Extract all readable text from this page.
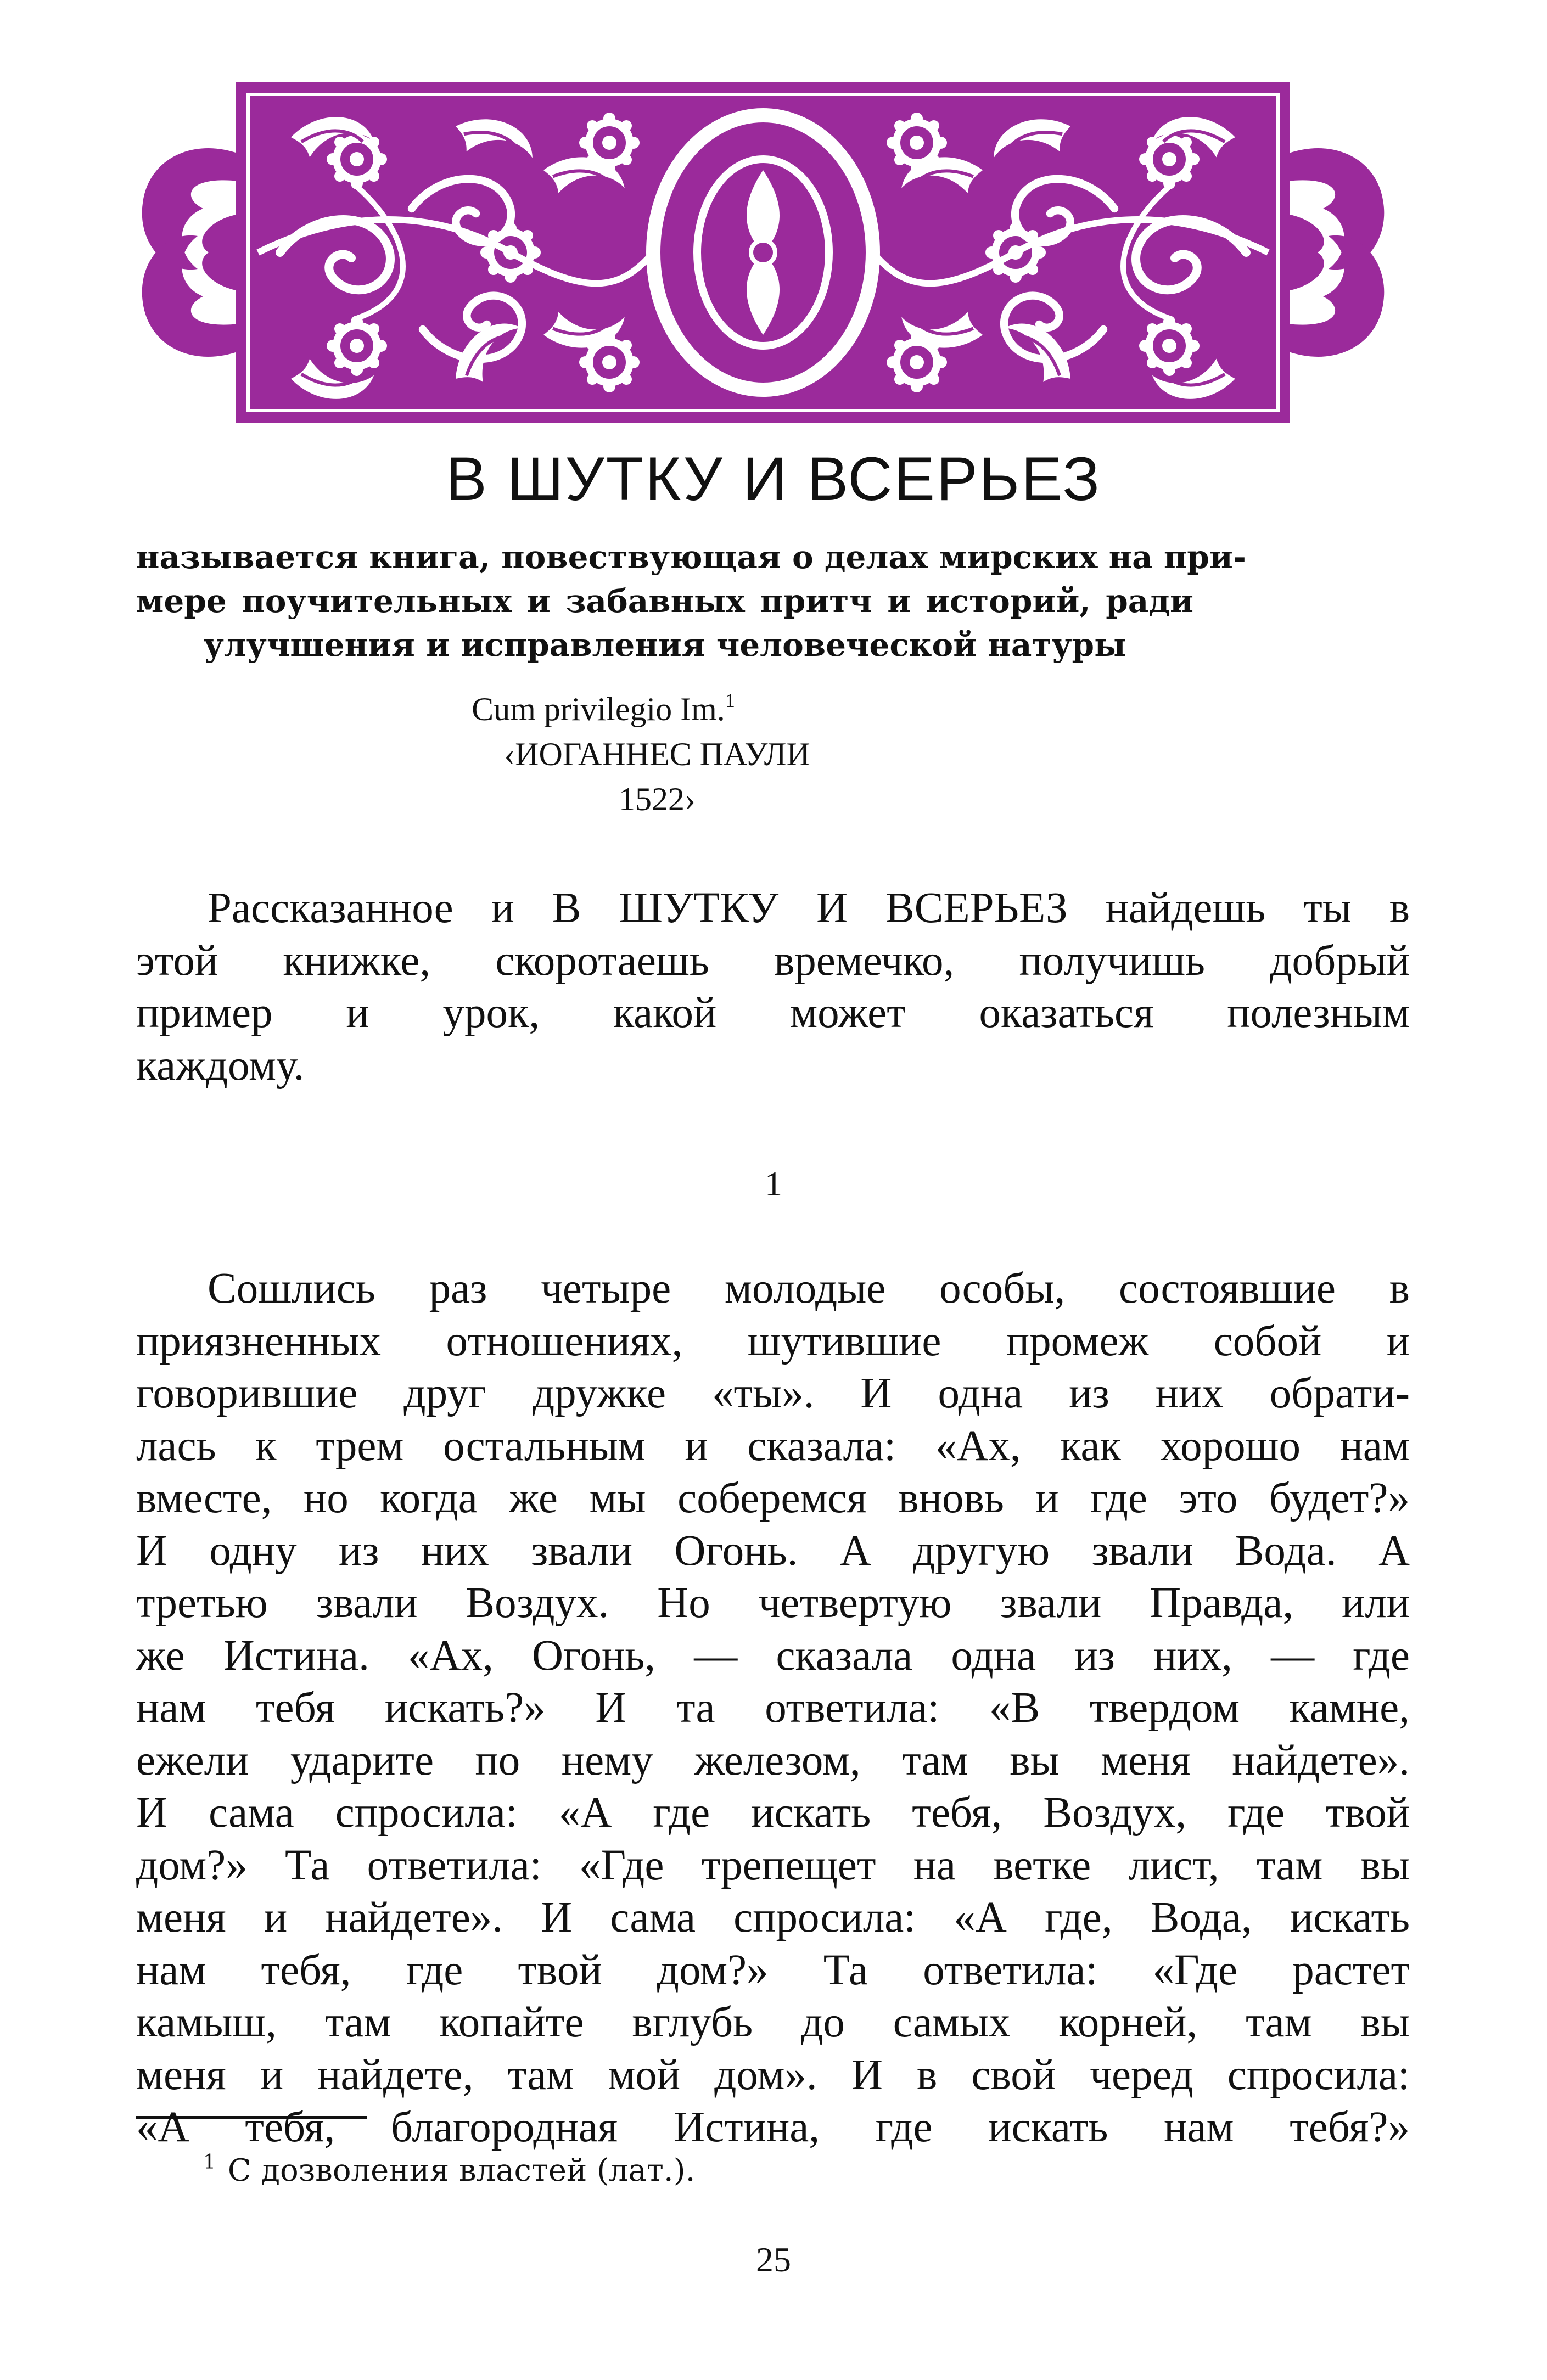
В ШУТКУ И ВСЕРЬЕЗ
называется книга, повествующая о делах мирских на при-
мере поучительных и забавных притч и историй, ради
улучшения и исправления человеческой натуры
Cum privilegio Im.$^1$
‹ИОГАННЕС ПАУЛИ
1522›
Рассказанное и В ШУТКУ И ВСЕРЬЕЗ найдешь ты в
этой книжке, скоротаешь времечко, получишь добрый
пример и урок, какой может оказаться полезным
каждому.
1
Сошлись раз четыре молодые особы, состоявшие в
приязненных отношениях, шутившие промеж собой и
говорившие друг дружке «ты». И одна из них обрати-
лась к трем остальным и сказала: «Ах, как хорошо нам
вместе, но когда же мы соберемся вновь и где это будет?»
И одну из них звали Огонь. А другую звали Вода. А
третью звали Воздух. Но четвертую звали Правда, или
же Истина. «Ах, Огонь, — сказала одна из них, — где
нам тебя искать?» И та ответила: «В твердом камне,
ежели ударите по нему железом, там вы меня найдете».
И сама спросила: «А где искать тебя, Воздух, где твой
дом?» Та ответила: «Где трепещет на ветке лист, там вы
меня и найдете». И сама спросила: «А где, Вода, искать
нам тебя, где твой дом?» Та ответила: «Где растет
камыш, там копайте вглубь до самых корней, там вы
меня и найдете, там мой дом». И в свой черед спросила:
«А тебя, благородная Истина, где искать нам тебя?»
$^1$ С дозволения властей (лат.).
25
